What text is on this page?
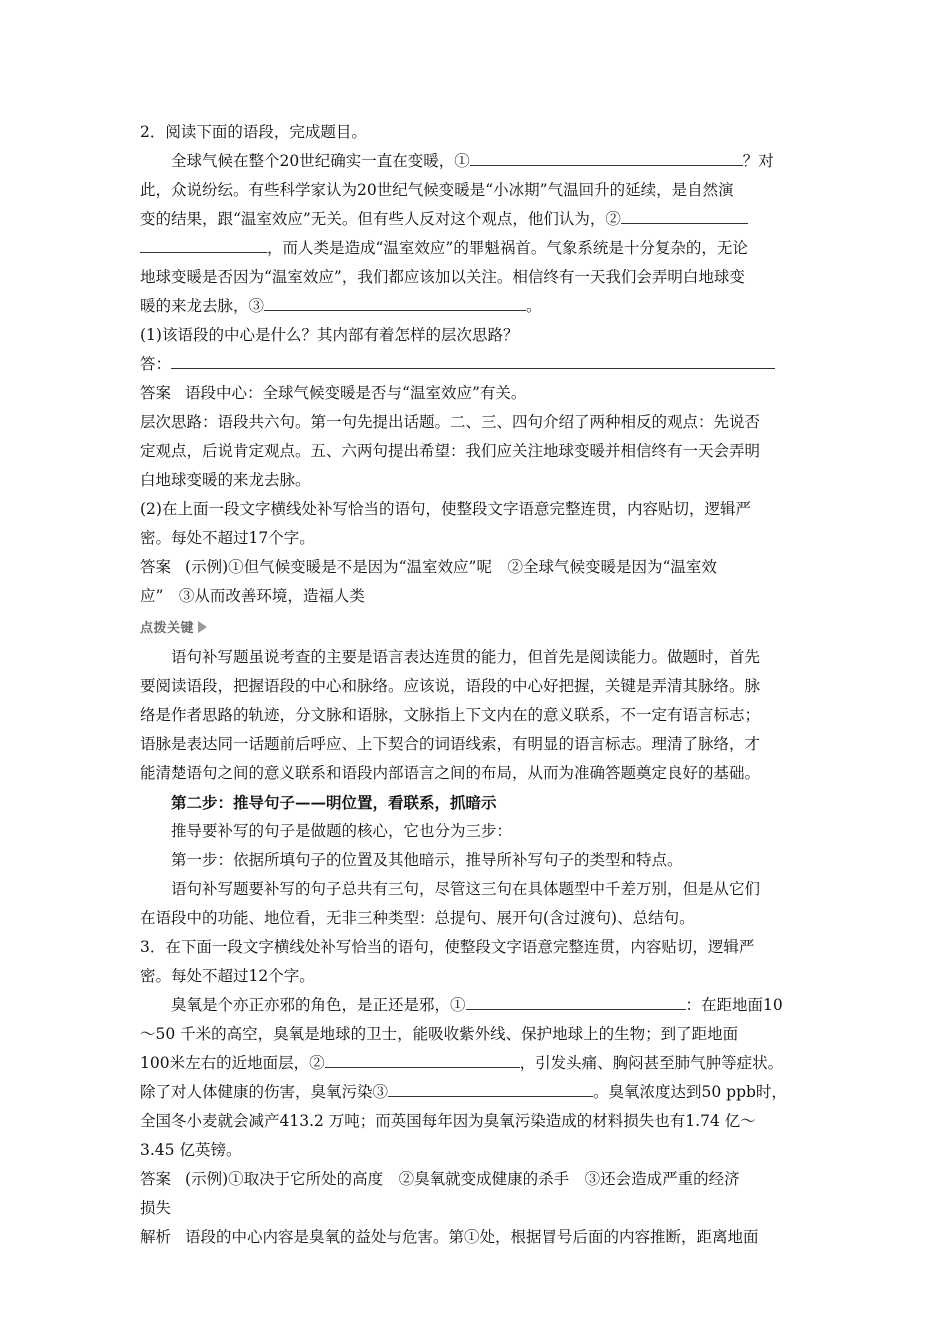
2．阅读下面的语段，完成题目。
全球气候在整个20世纪确实一直在变暖，①	？对
此，众说纷纭。有些科学家认为20世纪气候变暖是“小冰期”气温回升的延续，是自然演
变的结果，跟“温室效应”无关。但有些人反对这个观点，他们认为，②
，而人类是造成“温室效应”的罪魁祸首。气象系统是十分复杂的，无论
地球变暖是否因为“温室效应”，我们都应该加以关注。相信终有一天我们会弄明白地球变
暖的来龙去脉，③	。
(1)该语段的中心是什么？其内部有着怎样的层次思路？
答：
答案 语段中心：全球气候变暖是否与“温室效应”有关。
层次思路：语段共六句。第一句先提出话题。二、三、四句介绍了两种相反的观点：先说否
定观点，后说肯定观点。五、六两句提出希望：我们应关注地球变暖并相信终有一天会弄明
白地球变暖的来龙去脉。
(2)在上面一段文字横线处补写恰当的语句，使整段文字语意完整连贯，内容贴切，逻辑严
密。每处不超过17个字。
答案 (示例)①但气候变暖是不是因为“温室效应”呢　②全球气候变暖是因为“温室效
应”　③从而改善环境，造福人类
点拨关键
语句补写题虽说考查的主要是语言表达连贯的能力，但首先是阅读能力。做题时，首先
要阅读语段，把握语段的中心和脉络。应该说，语段的中心好把握，关键是弄清其脉络。脉
络是作者思路的轨迹，分文脉和语脉，文脉指上下文内在的意义联系，不一定有语言标志；
语脉是表达同一话题前后呼应、上下契合的词语线索，有明显的语言标志。理清了脉络，才
能清楚语句之间的意义联系和语段内部语言之间的布局，从而为准确答题奠定良好的基础。
第二步：推导句子——明位置，看联系，抓暗示
推导要补写的句子是做题的核心，它也分为三步：
第一步：依据所填句子的位置及其他暗示，推导所补写句子的类型和特点。
语句补写题要补写的句子总共有三句，尽管这三句在具体题型中千差万别，但是从它们
在语段中的功能、地位看，无非三种类型：总提句、展开句(含过渡句)、总结句。
3．在下面一段文字横线处补写恰当的语句，使整段文字语意完整连贯，内容贴切，逻辑严
密。每处不超过12个字。
臭氧是个亦正亦邪的角色，是正还是邪，①	：在距地面10
～50 千米的高空，臭氧是地球的卫士，能吸收紫外线、保护地球上的生物；到了距地面
100米左右的近地面层，②	，引发头痛、胸闷甚至肺气肿等症状。
除了对人体健康的伤害，臭氧污染③	。臭氧浓度达到50 ppb时，
全国冬小麦就会减产413.2 万吨；而英国每年因为臭氧污染造成的材料损失也有1.74 亿～
3.45 亿英镑。
答案 (示例)①取决于它所处的高度　②臭氧就变成健康的杀手　③还会造成严重的经济
损失
解析 语段的中心内容是臭氧的益处与危害。第①处，根据冒号后面的内容推断，距离地面
